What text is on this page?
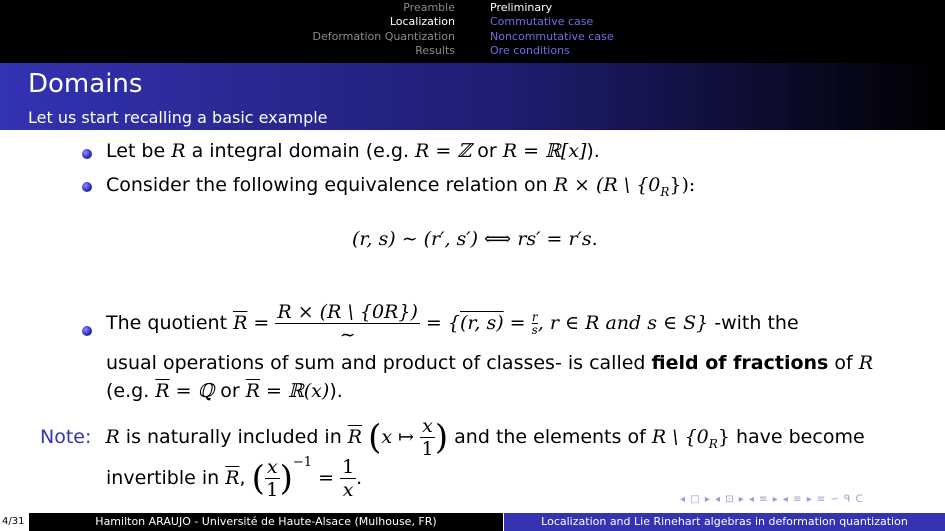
Preamble
Localization
Deformation Quantization
Results
Preliminary
Commutative case
Noncommutative case
Ore conditions
Domains
Let us start recalling a basic example
Let be R a integral domain (e.g. R = ℤ or R = ℝ[x]).
Consider the following equivalence relation on R × (R \ $\{0_R\}$):
(r, s) ∼ (r′, s′) ⟺ rs′ = r′s.
The quotient $\overline{R} = \frac{R \times (R \backslash \{0R\})}{\sim} = \{(r$, $s) = \frac{r}{s}$ , r ∈ R and s ∈ S} -with the
usual operations of sum and product of classes- is called field of fractions of R
(e.g. $\overline{R}$ = ℚ or $\overline{R}$ = ℝ(x)).
Note: R is naturally included in $\overline{R}$ (x ↦ $\frac{x}{1}$ ) and the elements of R \ $\{0_R\}$ have become
invertible in $\overline{R}$, ( $\frac{x}{1} )^{-1} = \frac{1}{x}$ .
◂ □ ▸ ◂ ⊡ ▸ ◂ ≡ ▸ ◂ ≡ ▸ ≡ ∽ ᑫ ᑕ
4/31	Hamilton ARAUJO - Université de Haute-Alsace (Mulhouse, FR)	Localization and Lie Rinehart algebras in deformation quantization
